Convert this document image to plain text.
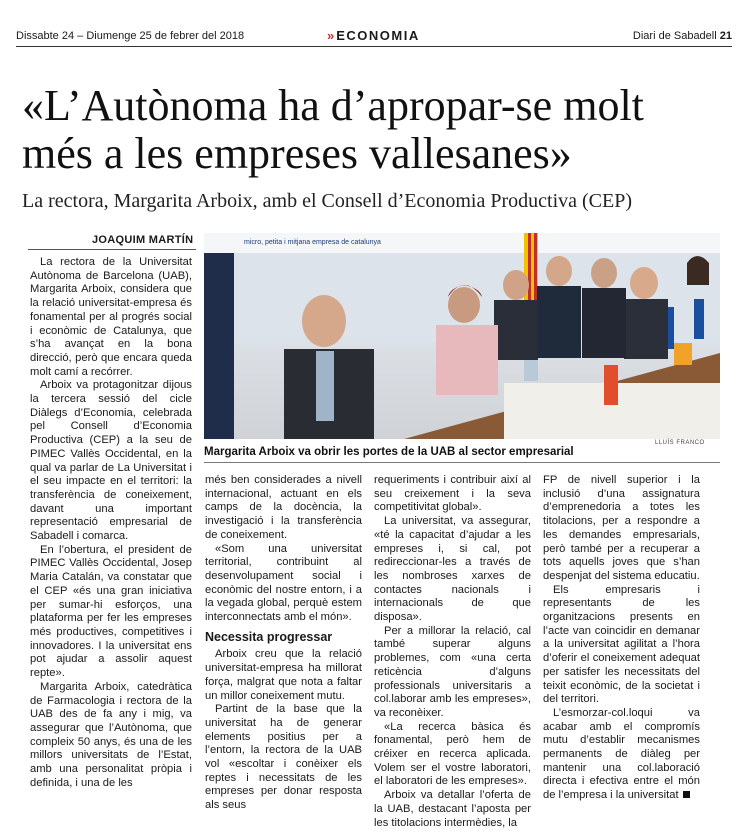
Dissabte 24 – Diumenge 25 de febrer del 2018	» ECONOMIA	Diari de Sabadell 21
«L’Autònoma ha d’apropar-se molt
més a les empreses vallesanes»
La rectora, Margarita Arboix, amb el Consell d’Economia Productiva (CEP)
JOAQUIM MARTÍN

La rectora de la Universitat Autònoma de Barcelona (UAB), Margarita Arboix, considera que la relació universitat-empresa és fonamental per al progrés social i econòmic de Catalunya, que s’ha avançat en la bona direcció, però que encara queda molt camí a recórrer.

Arboix va protagonitzar dijous la tercera sessió del cicle Diàlegs d’Economia, celebrada pel Consell d’Economia Productiva (CEP) a la seu de PIMEC Vallès Occidental, en la qual va parlar de La Universitat i el seu impacte en el territori: la transferència de coneixement, davant una important representació empresarial de Sabadell i comarca.

En l’obertura, el president de PIMEC Vallès Occidental, Josep Maria Catalán, va constatar que el CEP «és una gran iniciativa per sumar-hi esforços, una plataforma per fer les empreses més productives, competitives i innovadores. I la universitat ens pot ajudar a assolir aquest repte».

Margarita Arboix, catedràtica de Farmacologia i rectora de la UAB des de fa any i mig, va assegurar que l’Autònoma, que compleix 50 anys, és una de les millors universitats de l’Estat, amb una personalitat pròpia i definida, i una de les

micro, petita i mitjana empresa de catalunya
LLUÍS FRANCO
Margarita Arboix va obrir les portes de la UAB al sector empresarial

més ben considerades a nivell internacional, actuant en els camps de la docència, la investigació i la transferència de coneixement.

«Som una universitat territorial, contribuint al desenvolupament social i econòmic del nostre entorn, i a la vegada global, perquè estem interconnectats amb el món».

Necessita progressar

Arboix creu que la relació universitat-empresa ha millorat força, malgrat que nota a faltar un millor coneixement mutu.

Partint de la base que la universitat ha de generar elements positius per a l’entorn, la rectora de la UAB vol «escoltar i conèixer els reptes i necessitats de les empreses per donar resposta als seus

requeriments i contribuir així al seu creixement i la seva competitivitat global».

La universitat, va assegurar, «té la capacitat d’ajudar a les empreses i, si cal, pot redireccionar-les a través de les nombroses xarxes de contactes nacionals i internacionals de que disposa».

Per a millorar la relació, cal també superar alguns problemes, com «una certa reticència d’alguns professionals universitaris a col.laborar amb les empreses», va reconèixer.

«La recerca bàsica és fonamental, però hem de créixer en recerca aplicada. Volem ser el vostre laboratori, el laboratori de les empreses».

Arboix va detallar l’oferta de la UAB, destacant l’aposta per les titolacions intermèdies, la

FP de nivell superior i la inclusió d’una assignatura d’emprenedoria a totes les titolacions, per a respondre a les demandes empresarials, però també per a recuperar a tots aquells joves que s’han despenjat del sistema educatiu.

Els empresaris i representants de les organitzacions presents en l’acte van coincidir en demanar a la universitat agilitat a l’hora d’oferir el coneixement adequat per satisfer les necessitats del teixit econòmic, de la societat i del territori.

L’esmorzar-col.loqui va acabar amb el compromís mutu d’establir mecanismes permanents de diàleg per mantenir una col.laboració directa i efectiva entre el món de l’empresa i la universitat
